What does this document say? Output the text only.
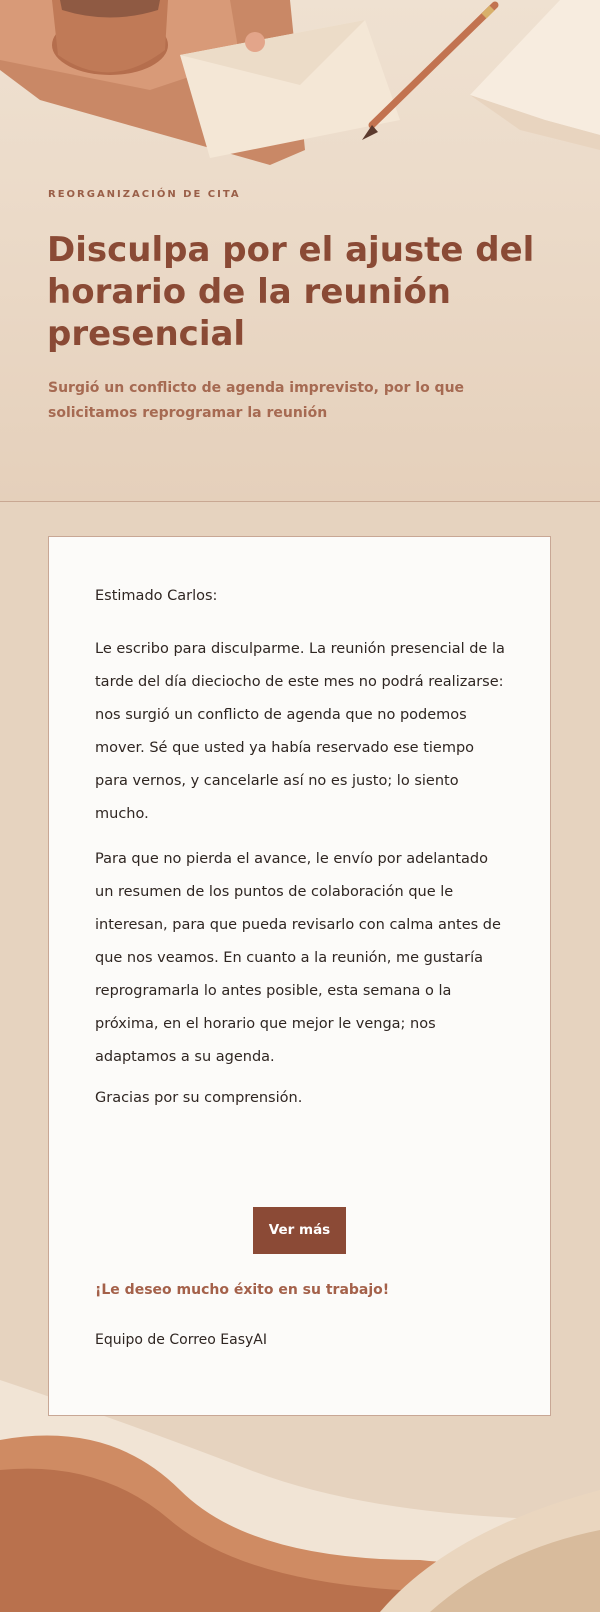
REORGANIZACIÓN DE CITA
Disculpa por el ajuste del horario de la reunión presencial

Surgió un conflicto de agenda imprevisto, por lo que solicitamos reprogramar la reunión

Estimado Carlos:

Le escribo para disculparme. La reunión presencial de la tarde del día dieciocho de este mes no podrá realizarse: nos surgió un conflicto de agenda que no podemos mover. Sé que usted ya había reservado ese tiempo para vernos, y cancelarle así no es justo; lo siento mucho.

Para que no pierda el avance, le envío por adelantado un resumen de los puntos de colaboración que le interesan, para que pueda revisarlo con calma antes de que nos veamos. En cuanto a la reunión, me gustaría reprogramarla lo antes posible, esta semana o la próxima, en el horario que mejor le venga; nos adaptamos a su agenda.

Gracias por su comprensión.

Ver más

¡Le deseo mucho éxito en su trabajo!

Equipo de Correo EasyAI
